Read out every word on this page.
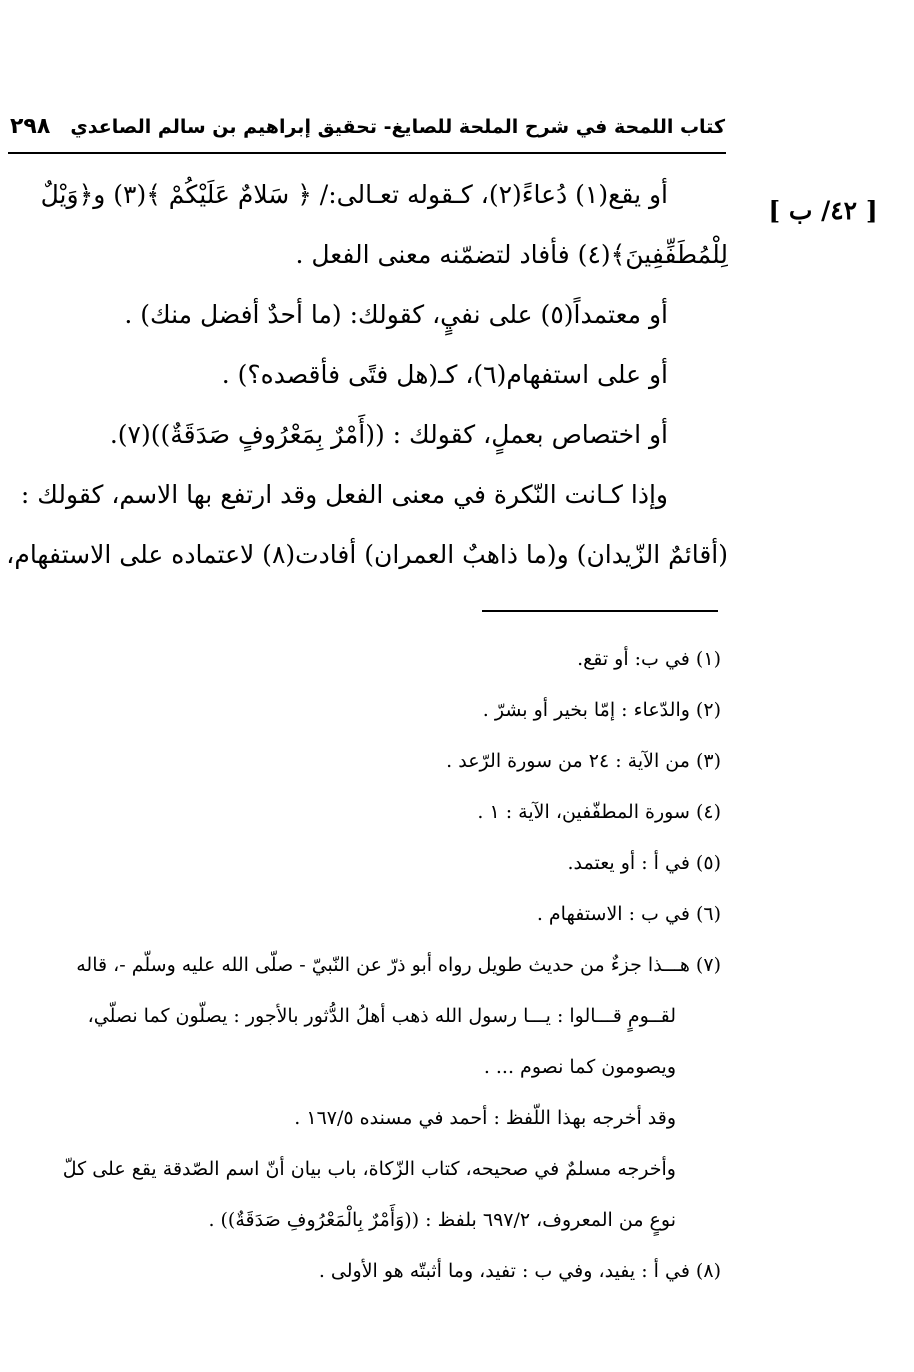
كتاب اللمحة في شرح الملحة للصايغ- تحقيق إبراهيم بن سالم الصاعدي
٢٩٨
[ ٤٢/ ب ]

أو يقع(١) دُعاءً(٢)، كـقوله تعـالى:/ ﴿ سَلامٌ عَلَيْكُمْ ﴾(٣) و﴿وَيْلٌ

لِلْمُطَفِّفِينَ﴾(٤) فأفاد لتضمّنه معنى الفعل .

أو معتمداً(٥) على نفيٍ، كقولك: (ما أحدٌ أفضل منك) .

أو على استفهام(٦)، كـ(هل فتًى فأقصده؟) .

أو اختصاص بعملٍ، كقولك : ((أَمْرٌ بِمَعْرُوفٍ صَدَقَةٌ))(٧).

وإذا كـانت النّكرة في معنى الفعل وقد ارتفع بها الاسم، كقولك :

(أقائمٌ الزّيدان) و(ما ذاهبٌ العمران) أفادت(٨) لاعتماده على الاستفهام،

(١) في ب: أو تقع.

(٢) والدّعاء : إمّا بخير أو بشرّ .

(٣) من الآية : ٢٤ من سورة الرّعد .

(٤) سورة المطفّفين، الآية : ١ .

(٥) في أ : أو يعتمد.

(٦) في ب : الاستفهام .

(٧) هـــذا جزءٌ من حديث طويل رواه أبو ذرّ عن النّبيّ - صلّى الله عليه وسلّم -، قاله

لقــومٍ قـــالوا : يـــا رسول الله ذهب أهلُ الدُّثور بالأجور : يصلّون كما نصلّي،

ويصومون كما نصوم ... .

وقد أخرجه بهذا اللّفظ : أحمد في مسنده ١٦٧/٥ .

وأخرجه مسلمٌ في صحيحه، كتاب الزّكاة، باب بيان أنّ اسم الصّدقة يقع على كلّ

نوعٍ من المعروف، ٦٩٧/٢ بلفظ : ((وَأَمْرٌ بِالْمَعْرُوفِ صَدَقَةٌ)) .

(٨) في أ : يفيد، وفي ب : تفيد، وما أثبتّه هو الأولى .
